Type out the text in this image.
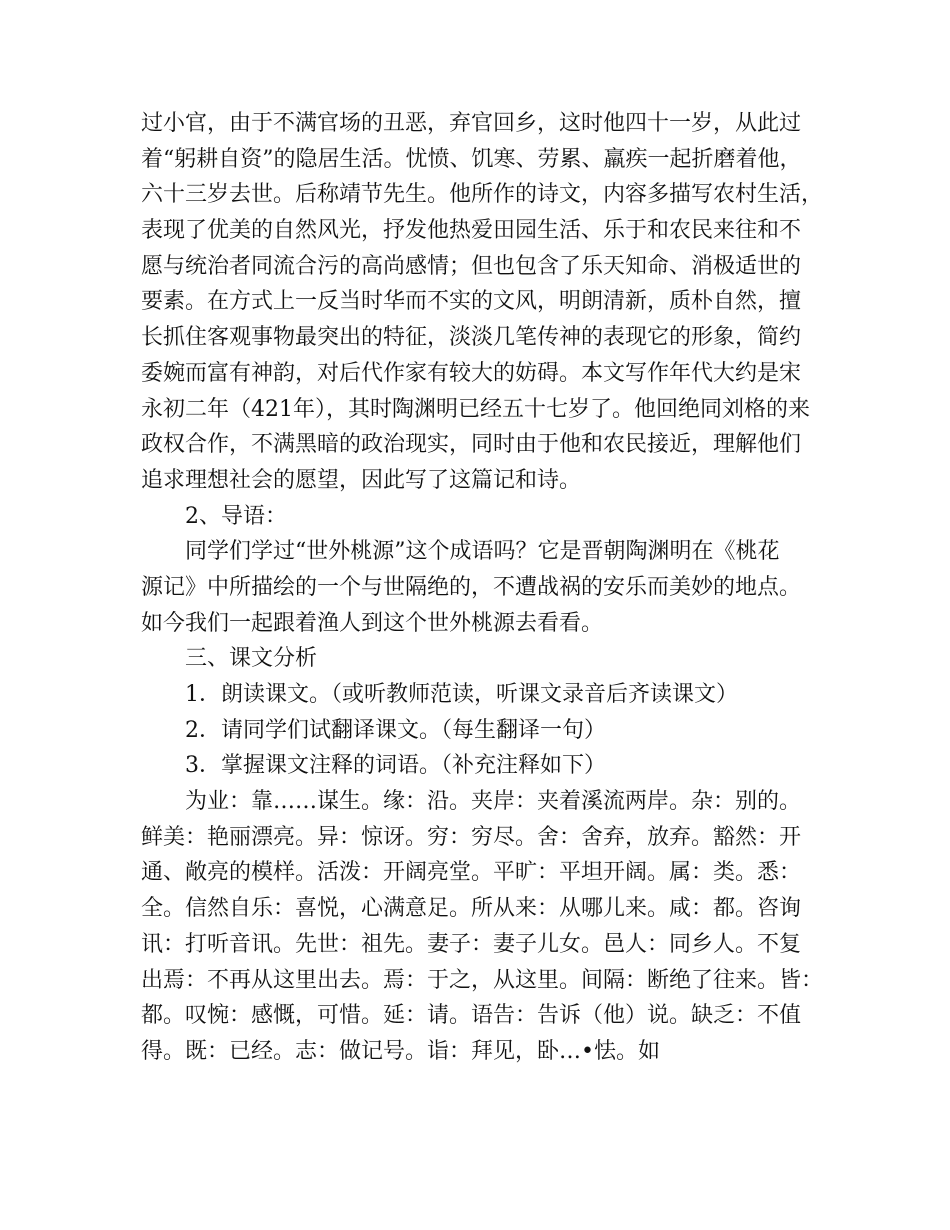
过小官，由于不满官场的丑恶，弃官回乡，这时他四十一岁，从此过
着“躬耕自资”的隐居生活。忧愤、饥寒、劳累、羸疾一起折磨着他，
六十三岁去世。后称靖节先生。他所作的诗文，内容多描写农村生活，
表现了优美的自然风光，抒发他热爱田园生活、乐于和农民来往和不
愿与统治者同流合污的高尚感情；但也包含了乐天知命、消极适世的
要素。在方式上一反当时华而不实的文风，明朗清新，质朴自然，擅
长抓住客观事物最突出的特征，淡淡几笔传神的表现它的形象，简约
委婉而富有神韵，对后代作家有较大的妨碍。本文写作年代大约是宋
永初二年（421年），其时陶渊明已经五十七岁了。他回绝同刘格的来
政权合作，不满黑暗的政治现实，同时由于他和农民接近，理解他们
追求理想社会的愿望，因此写了这篇记和诗。
2、导语：
同学们学过“世外桃源”这个成语吗？它是晋朝陶渊明在《桃花
源记》中所描绘的一个与世隔绝的，不遭战祸的安乐而美妙的地点。
如今我们一起跟着渔人到这个世外桃源去看看。
三、课文分析
1．朗读课文。（或听教师范读，听课文录音后齐读课文）
2．请同学们试翻译课文。（每生翻译一句）
3．掌握课文注释的词语。（补充注释如下）
为业：靠……谋生。缘：沿。夹岸：夹着溪流两岸。杂：别的。
鲜美：艳丽漂亮。异：惊讶。穷：穷尽。舍：舍弃，放弃。豁然：开
通、敞亮的模样。活泼：开阔亮堂。平旷：平坦开阔。属：类。悉：
全。信然自乐：喜悦，心满意足。所从来：从哪儿来。咸：都。咨询
讯：打听音讯。先世：祖先。妻子：妻子儿女。邑人：同乡人。不复
出焉：不再从这里出去。焉：于之，从这里。间隔：断绝了往来。皆：
都。叹惋：感慨，可惜。延：请。语告：告诉（他）说。缺乏：不值
得。既：已经。志：做记号。诣：拜见，卧…•怯。如
